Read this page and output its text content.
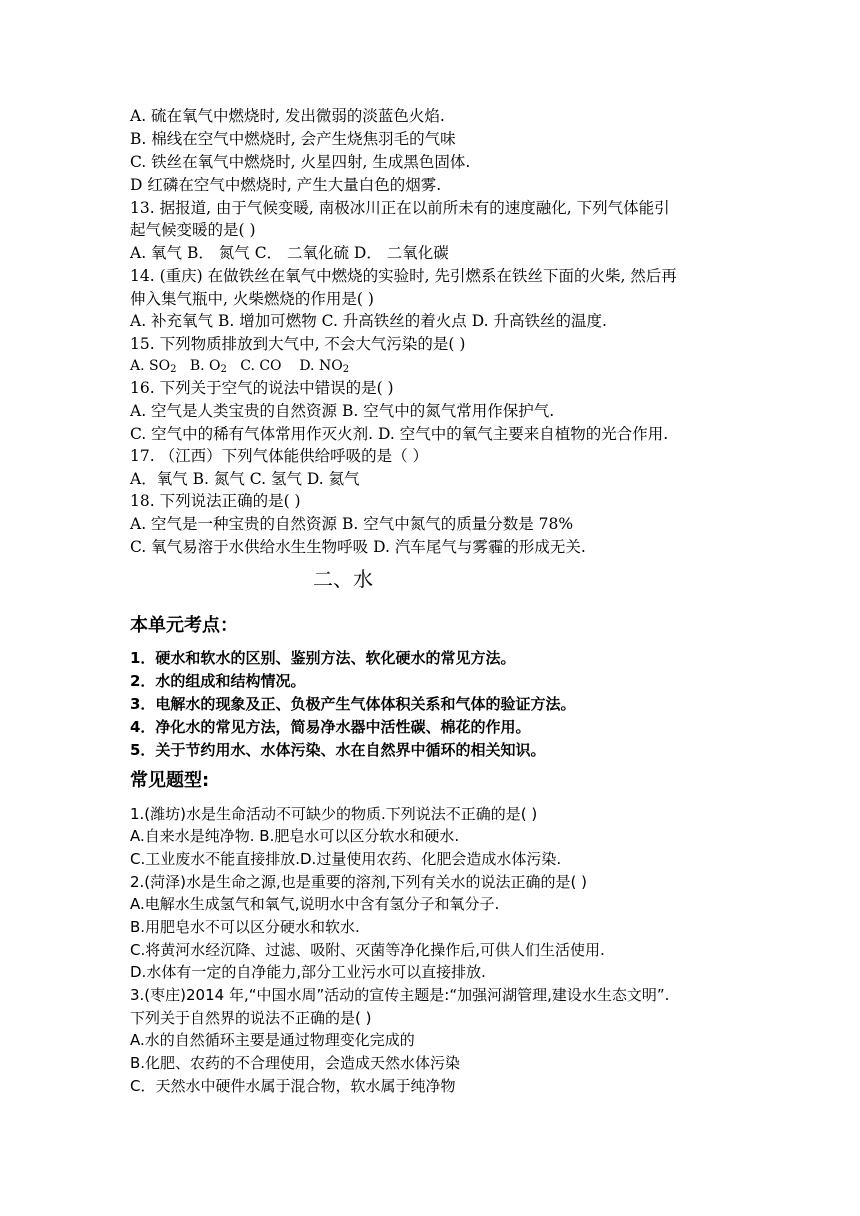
A. 硫在氧气中燃烧时, 发出微弱的淡蓝色火焰.
B. 棉线在空气中燃烧时, 会产生烧焦羽毛的气味
C. 铁丝在氧气中燃烧时, 火星四射, 生成黑色固体.
D 红磷在空气中燃烧时, 产生大量白色的烟雾.
13. 据报道, 由于气候变暖, 南极冰川正在以前所未有的速度融化, 下列气体能引
起气候变暖的是( )
A. 氧气 B． 氮气 C． 二氧化硫 D． 二氧化碳
14. (重庆) 在做铁丝在氧气中燃烧的实验时, 先引燃系在铁丝下面的火柴, 然后再
伸入集气瓶中, 火柴燃烧的作用是( )
A. 补充氧气 B. 增加可燃物 C. 升高铁丝的着火点 D. 升高铁丝的温度.
15. 下列物质排放到大气中, 不会大气污染的是( )
A. $SO_2$   B. $O_2$   C. CO    D. $NO_2$
16. 下列关于空气的说法中错误的是( )
A. 空气是人类宝贵的自然资源 B. 空气中的氮气常用作保护气.
C. 空气中的稀有气体常用作灭火剂. D. 空气中的氧气主要来自植物的光合作用.
17. （江西）下列气体能供给呼吸的是（ ）
A．氧气 B. 氮气 C. 氢气 D. 氦气
18. 下列说法正确的是( )
A. 空气是一种宝贵的自然资源 B. 空气中氮气的质量分数是 78%
C. 氧气易溶于水供给水生生物呼吸 D. 汽车尾气与雾霾的形成无关.
二、水
本单元考点：
1．硬水和软水的区别、鉴别方法、软化硬水的常见方法。
2．水的组成和结构情况。
3．电解水的现象及正、负极产生气体体积关系和气体的验证方法。
4．净化水的常见方法，简易净水器中活性碳、棉花的作用。
5．关于节约用水、水体污染、水在自然界中循环的相关知识。
常见题型:
1.(潍坊)水是生命活动不可缺少的物质.下列说法不正确的是( )
A.自来水是纯净物. B.肥皂水可以区分软水和硬水.
C.工业废水不能直接排放.D.过量使用农药、化肥会造成水体污染.
2.(菏泽)水是生命之源,也是重要的溶剂,下列有关水的说法正确的是( )
A.电解水生成氢气和氧气,说明水中含有氢分子和氧分子.
B.用肥皂水不可以区分硬水和软水.
C.将黄河水经沉降、过滤、吸附、灭菌等净化操作后,可供人们生活使用.
D.水体有一定的自净能力,部分工业污水可以直接排放.
3.(枣庄)2014 年,“中国水周”活动的宣传主题是:“加强河湖管理,建设水生态文明”.
下列关于自然界的说法不正确的是( )
A.水的自然循环主要是通过物理变化完成的
B.化肥、农药的不合理使用，会造成天然水体污染
C．天然水中硬件水属于混合物，软水属于纯净物
